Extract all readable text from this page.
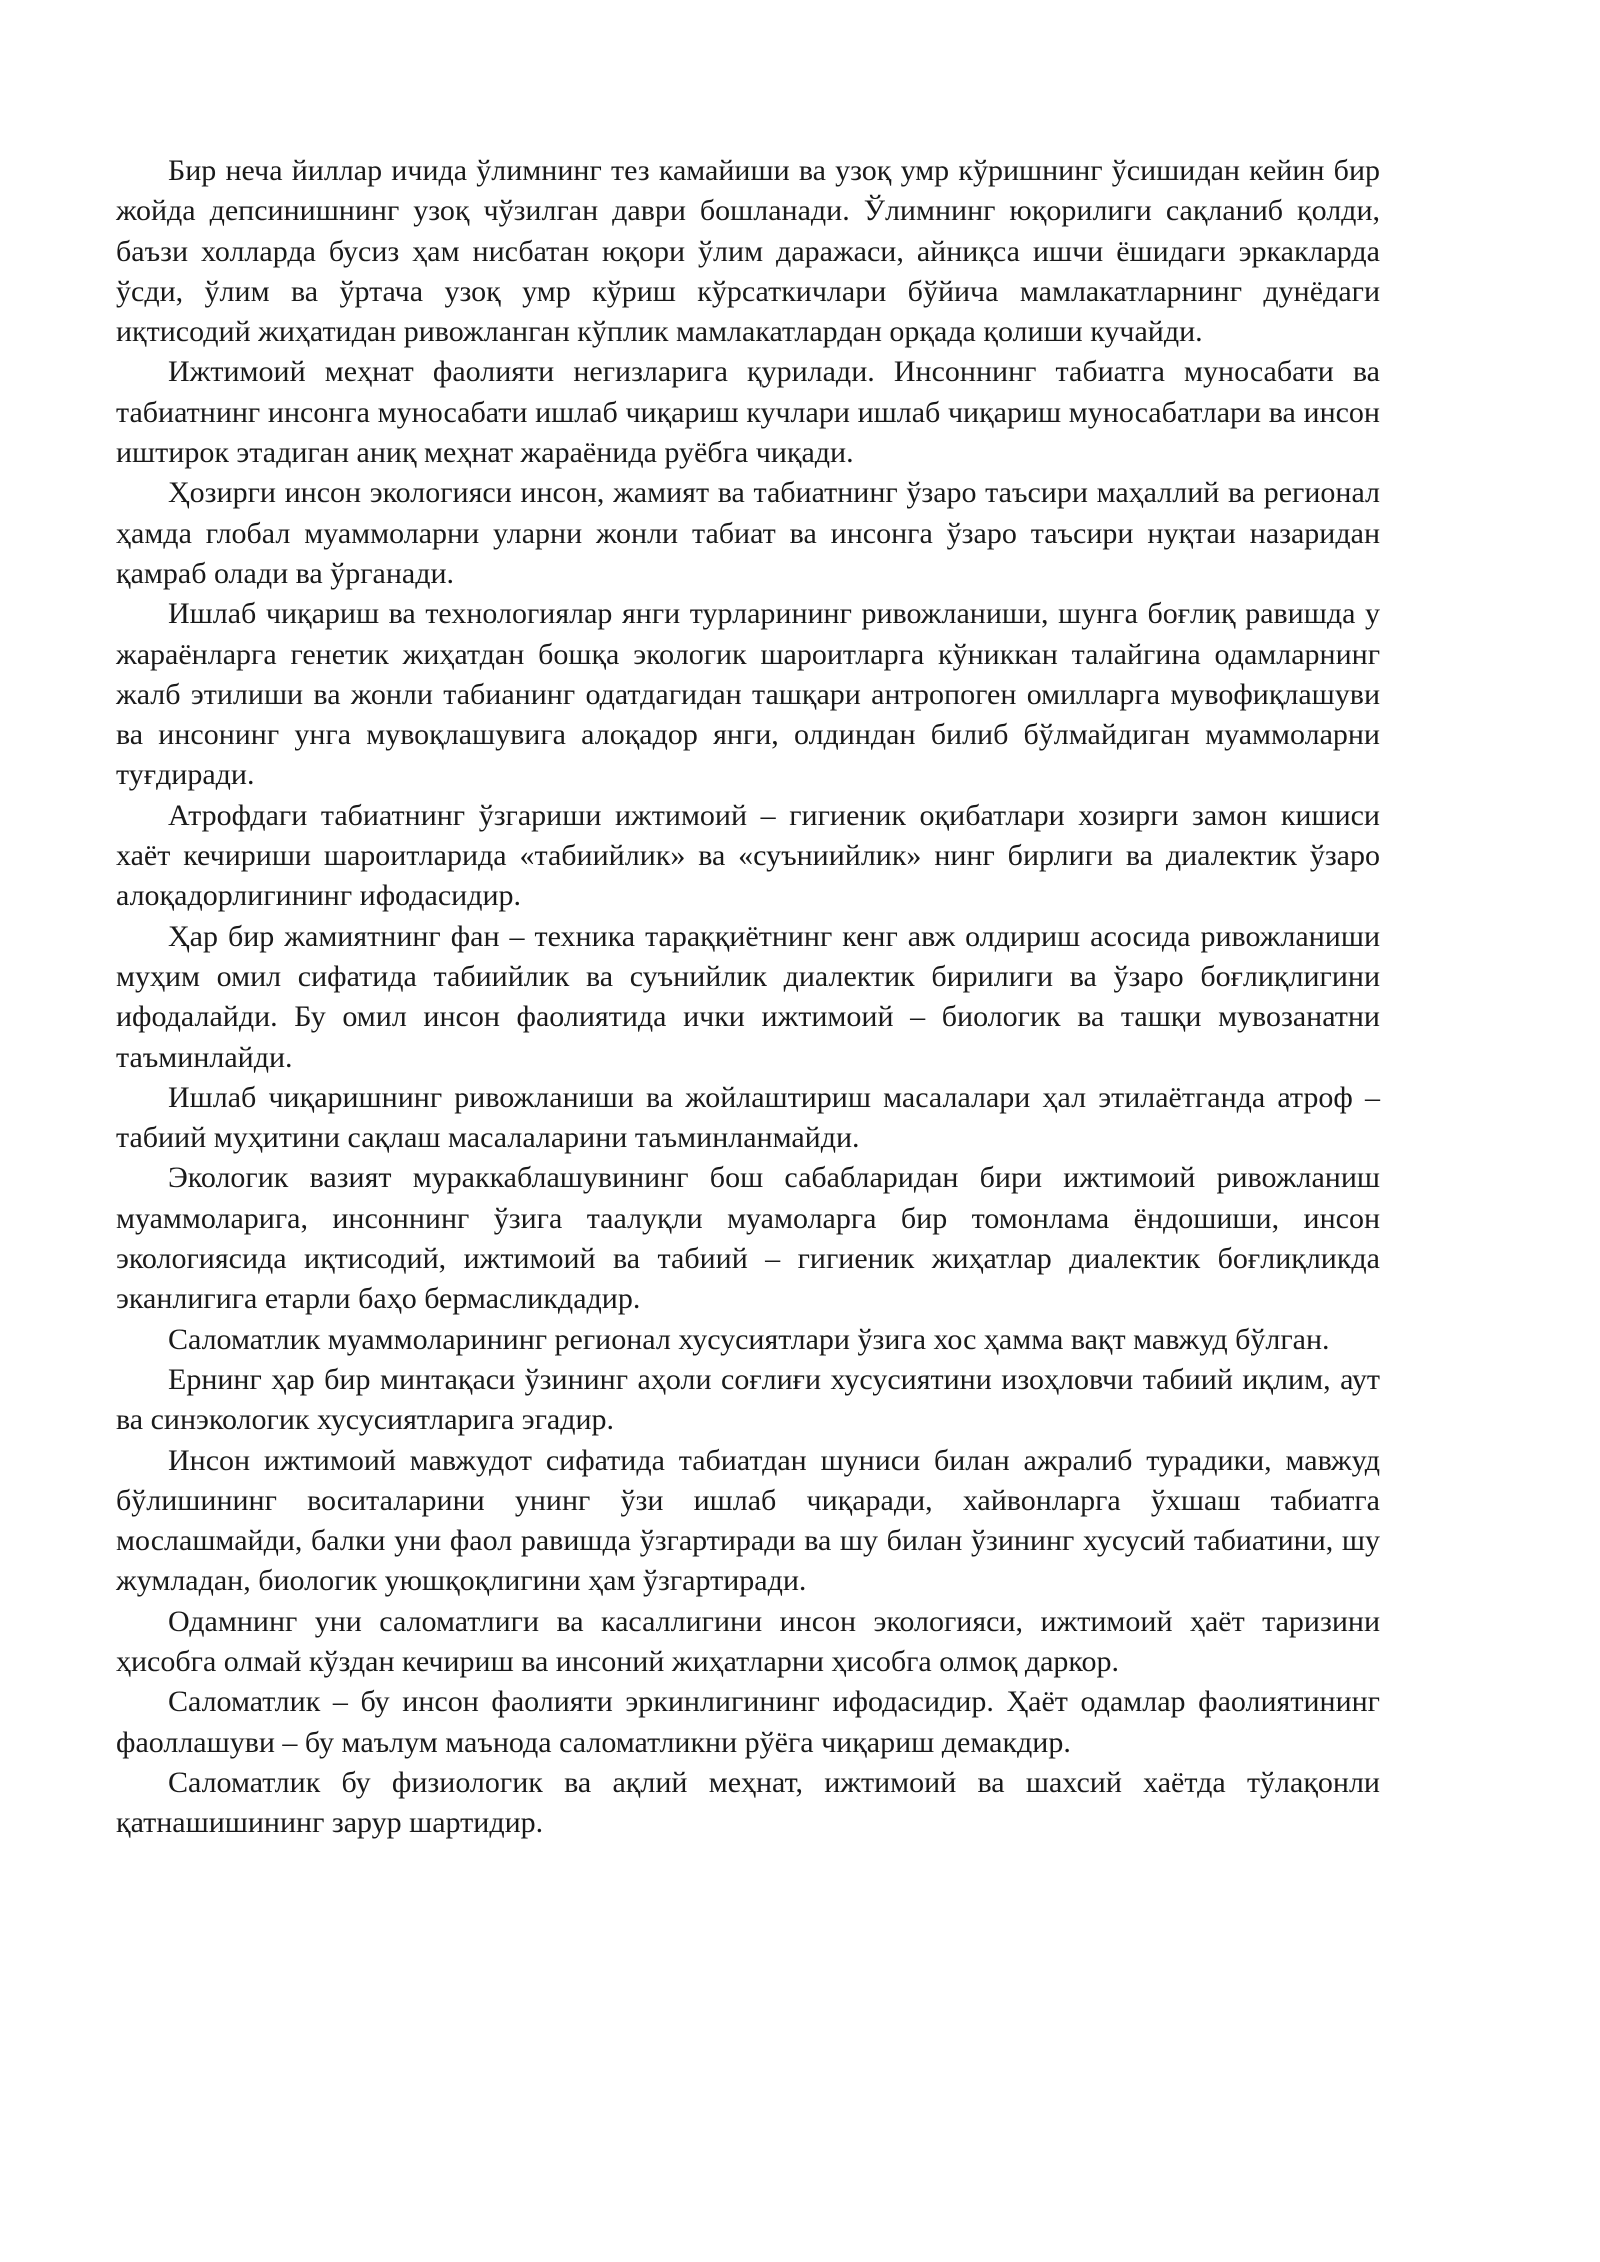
Бир неча йиллар ичида ўлимнинг тез камайиши ва узоқ умр кўришнинг ўсишидан кейин бир жойда депсинишнинг узоқ чўзилган даври бошланади. Ўлимнинг юқорилиги сақланиб қолди, баъзи холларда бусиз ҳам нисбатан юқори ўлим даражаси, айниқса ишчи ёшидаги эркакларда ўсди, ўлим ва ўртача узоқ умр кўриш кўрсаткичлари бўйича мамлакатларнинг дунёдаги иқтисодий жиҳатидан ривожланган кўплик мамлакатлардан орқада қолиши кучайди.

Ижтимоий меҳнат фаолияти негизларига қурилади. Инсоннинг табиатга муносабати ва табиатнинг инсонга муносабати ишлаб чиқариш кучлари ишлаб чиқариш муносабатлари ва инсон иштирок этадиган аниқ меҳнат жараёнида руёбга чиқади.

Ҳозирги инсон экологияси инсон, жамият ва табиатнинг ўзаро таъсири маҳаллий ва регионал ҳамда глобал муаммоларни уларни жонли табиат ва инсонга ўзаро таъсири нуқтаи назаридан қамраб олади ва ўрганади.

Ишлаб чиқариш ва технологиялар янги турларининг ривожланиши, шунга боғлиқ равишда у жараёнларга генетик жиҳатдан бошқа экологик шароитларга кўниккан талайгина одамларнинг жалб этилиши ва жонли табианинг одатдагидан ташқари антропоген омилларга мувофиқлашуви ва инсонинг унга мувоқлашувига алоқадор янги, олдиндан билиб бўлмайдиган муаммоларни туғдиради.

Атрофдаги табиатнинг ўзгариши ижтимоий – гигиеник оқибатлари хозирги замон кишиси хаёт кечириши шароитларида «табиийлик» ва «суъниийлик» нинг бирлиги ва диалектик ўзаро алоқадорлигининг ифодасидир.

Ҳар бир жамиятнинг фан – техника тараққиётнинг кенг авж олдириш асосида ривожланиши муҳим омил сифатида табиийлик ва суънийлик диалектик бирилиги ва ўзаро боғлиқлигини ифодалайди. Бу омил инсон фаолиятида ички ижтимоий – биологик ва ташқи мувозанатни таъминлайди.

Ишлаб чиқаришнинг ривожланиши ва жойлаштириш масалалари ҳал этилаётганда атроф – табиий муҳитини сақлаш масалаларини таъминланмайди.

Экологик вазият мураккаблашувининг бош сабабларидан бири ижтимоий ривожланиш муаммоларига, инсоннинг ўзига таалуқли муамоларга бир томонлама ёндошиши, инсон экологиясида иқтисодий, ижтимоий ва табиий – гигиеник жиҳатлар диалектик боғлиқликда эканлигига етарли баҳо бермасликдадир.

Саломатлик муаммоларининг регионал хусусиятлари ўзига хос ҳамма вақт мавжуд бўлган.

Ернинг ҳар бир минтақаси ўзининг аҳоли соғлиғи хусусиятини изоҳловчи табиий иқлим, аут ва синэкологик хусусиятларига эгадир.

Инсон ижтимоий мавжудот сифатида табиатдан шуниси билан ажралиб турадики, мавжуд бўлишининг воситаларини унинг ўзи ишлаб чиқаради, хайвонларга ўхшаш табиатга мослашмайди, балки уни фаол равишда ўзгартиради ва шу билан ўзининг хусусий табиатини, шу жумладан, биологик уюшқоқлигини ҳам ўзгартиради.

Одамнинг уни саломатлиги ва касаллигини инсон экологияси, ижтимоий ҳаёт таризини ҳисобга олмай кўздан кечириш ва инсоний жиҳатларни ҳисобга олмоқ даркор.

Саломатлик – бу инсон фаолияти эркинлигининг ифодасидир. Ҳаёт одамлар фаолиятининг фаоллашуви – бу маълум маънода саломатликни рўёга чиқариш демакдир.

Саломатлик бу физиологик ва ақлий меҳнат, ижтимоий ва шахсий хаётда тўлақонли қатнашишининг зарур шартидир.
